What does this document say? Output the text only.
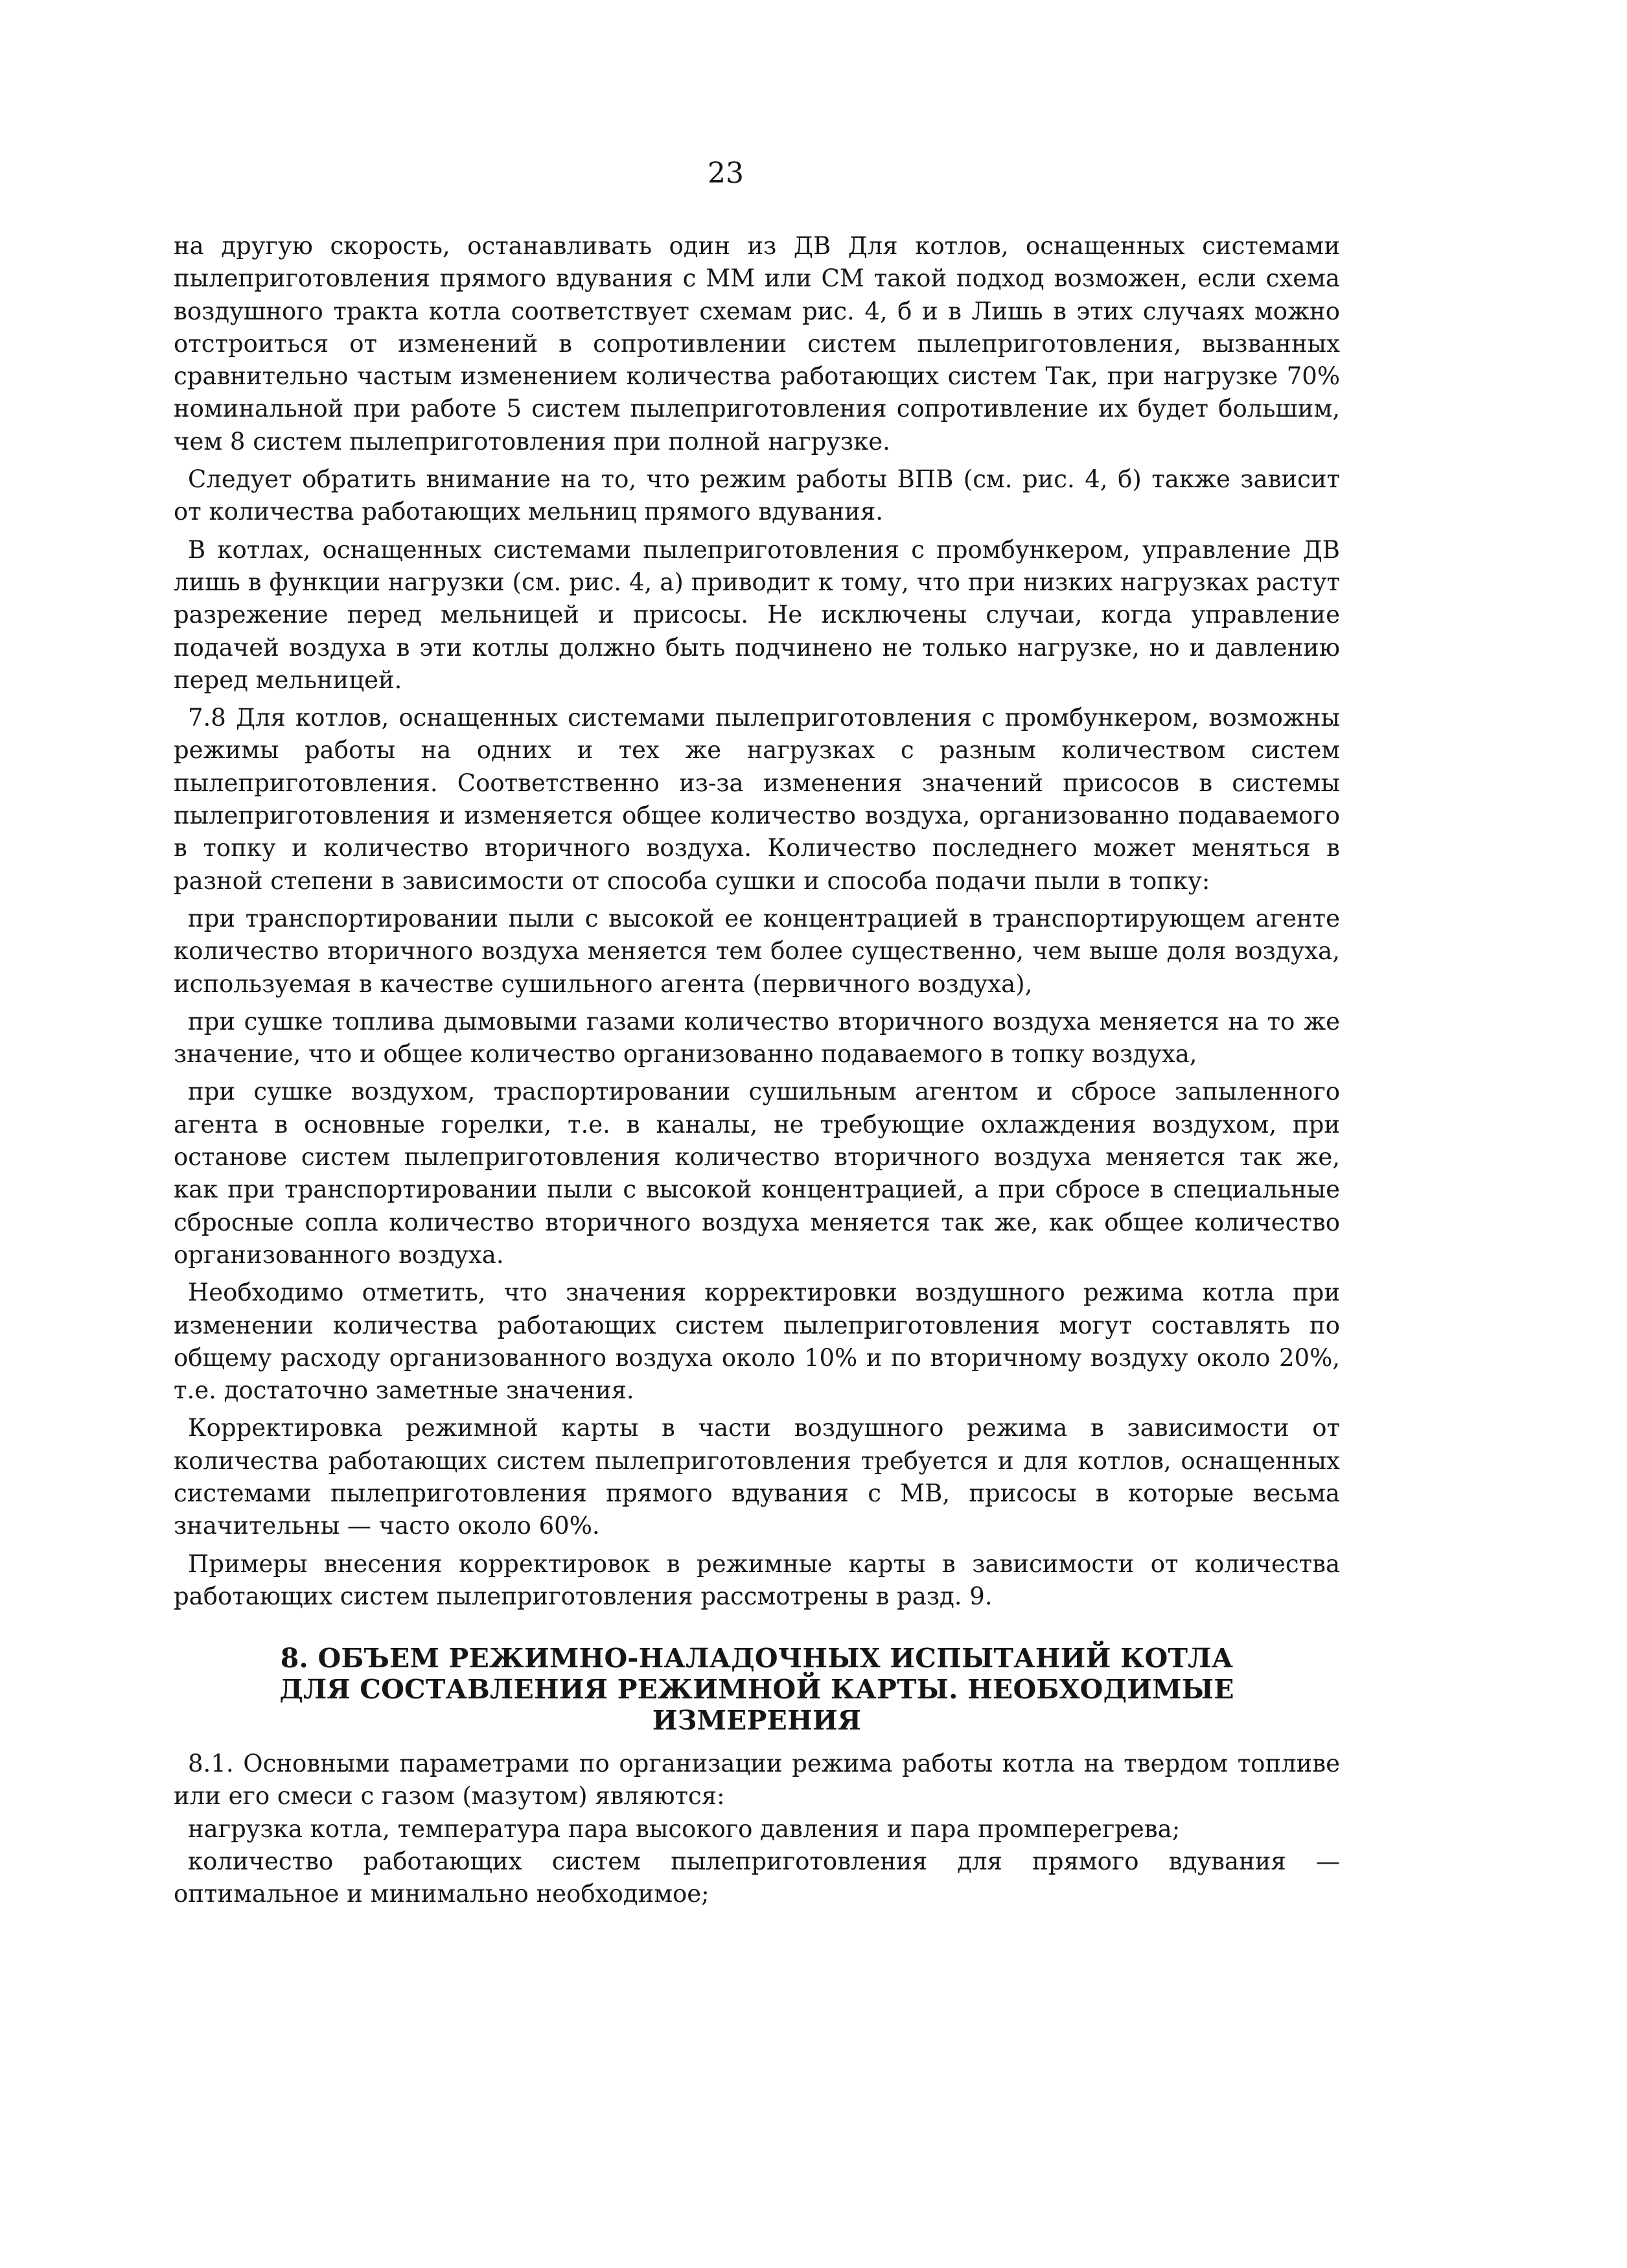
23

на другую скорость, останавливать один из ДВ Для котлов, оснащенных системами пылеприготовления прямого вдувания с ММ или СМ такой подход возможен, если схема воздушного тракта котла соответствует схемам рис. 4, б и в Лишь в этих случаях можно отстроиться от изменений в сопротивлении систем пылеприготовления, вызванных сравнительно частым изменением количества работающих систем Так, при нагрузке 70% номинальной при работе 5 систем пылеприготовления сопротивление их будет большим, чем 8 систем пылеприготовления при полной нагрузке.

Следует обратить внимание на то, что режим работы ВПВ (см. рис. 4, б) также зависит от количества работающих мельниц прямого вдувания.

В котлах, оснащенных системами пылеприготовления с промбункером, управление ДВ лишь в функции нагрузки (см. рис. 4, а) приводит к тому, что при низких нагрузках растут разрежение перед мельницей и присосы. Не исключены случаи, когда управление подачей воздуха в эти котлы должно быть подчинено не только нагрузке, но и давлению перед мельницей.

7.8 Для котлов, оснащенных системами пылеприготовления с промбункером, возможны режимы работы на одних и тех же нагрузках с разным количеством систем пылеприготовления. Соответственно из-за изменения значений присосов в системы пылеприготовления и изменяется общее количество воздуха, организованно подаваемого в топку и количество вторичного воздуха. Количество последнего может меняться в разной степени в зависимости от способа сушки и способа подачи пыли в топку:

при транспортировании пыли с высокой ее концентрацией в транспортирующем агенте количество вторичного воздуха меняется тем более существенно, чем выше доля воздуха, используемая в качестве сушильного агента (первичного воздуха),

при сушке топлива дымовыми газами количество вторичного воздуха меняется на то же значение, что и общее количество организованно подаваемого в топку воздуха,

при сушке воздухом, траспортировании сушильным агентом и сбросе запыленного агента в основные горелки, т.е. в каналы, не требующие охлаждения воздухом, при останове систем пылеприготовления количество вторичного воздуха меняется так же, как при транспортировании пыли с высокой концентрацией, а при сбросе в специальные сбросные сопла количество вторичного воздуха меняется так же, как общее количество организованного воздуха.

Необходимо отметить, что значения корректировки воздушного режима котла при изменении количества работающих систем пылеприготовления могут составлять по общему расходу организованного воздуха около 10% и по вторичному воздуху около 20%, т.е. достаточно заметные значения.

Корректировка режимной карты в части воздушного режима в зависимости от количества работающих систем пылеприготовления требуется и для котлов, оснащенных системами пылеприготовления прямого вдувания с МВ, присосы в которые весьма значительны — часто около 60%.

Примеры внесения корректировок в режимные карты в зависимости от количества работающих систем пылеприготовления рассмотрены в разд. 9.

8. ОБЪЕМ РЕЖИМНО-НАЛАДОЧНЫХ ИСПЫТАНИЙ КОТЛА
ДЛЯ СОСТАВЛЕНИЯ РЕЖИМНОЙ КАРТЫ. НЕОБХОДИМЫЕ ИЗМЕРЕНИЯ

8.1. Основными параметрами по организации режима работы котла на твердом топливе или его смеси с газом (мазутом) являются:

нагрузка котла, температура пара высокого давления и пара промперегрева;

количество работающих систем пылеприготовления для прямого вдувания — оптимальное и минимально необходимое;
